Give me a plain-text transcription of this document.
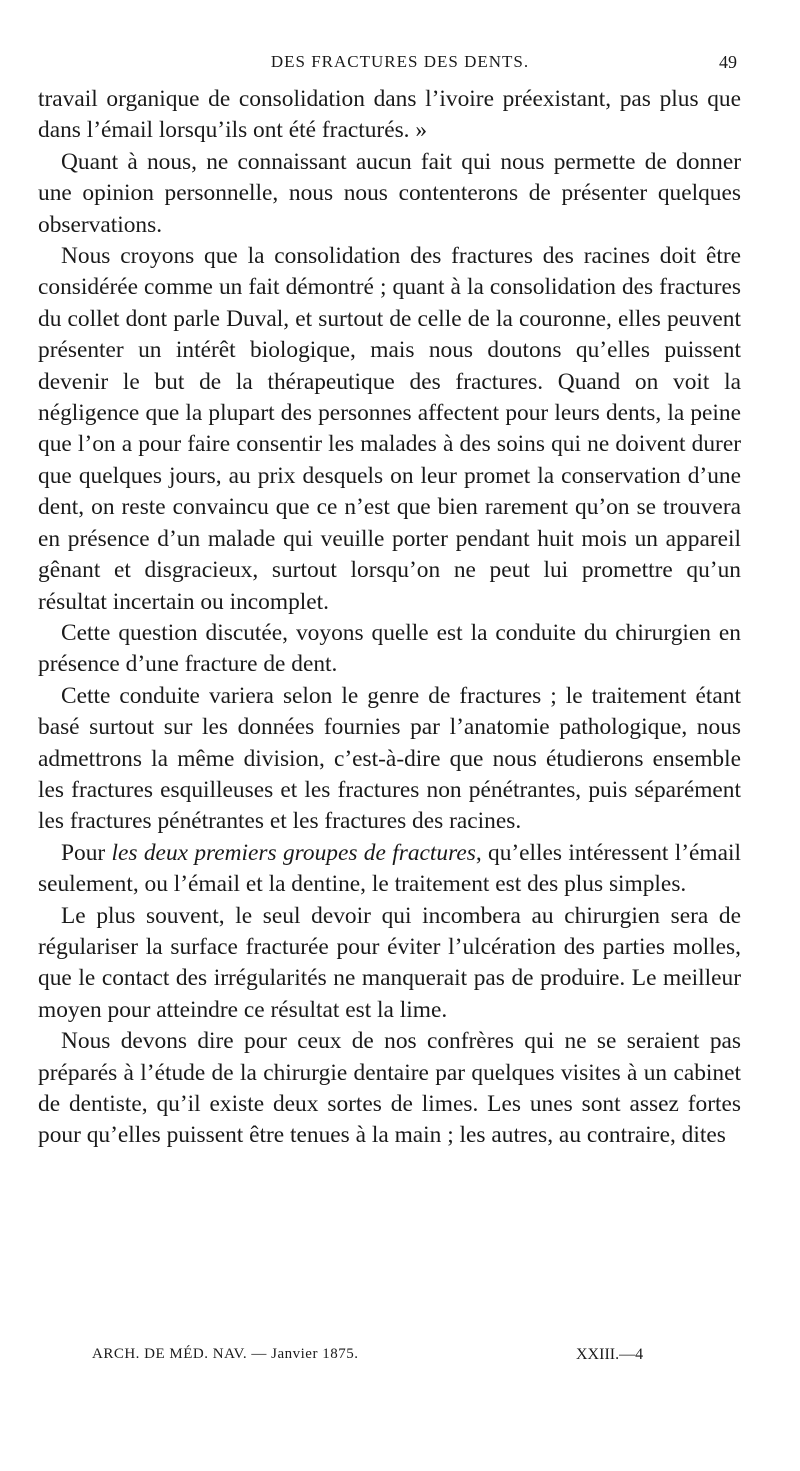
DES FRACTURES DES DENTS.	49

travail organique de consolidation dans l’ivoire préexistant, pas plus que dans l’émail lorsqu’ils ont été fracturés. »

Quant à nous, ne connaissant aucun fait qui nous permette de donner une opinion personnelle, nous nous contenterons de présenter quelques observations.

Nous croyons que la consolidation des fractures des racines doit être considérée comme un fait démontré ; quant à la consolidation des fractures du collet dont parle Duval, et surtout de celle de la couronne, elles peuvent présenter un intérêt biologique, mais nous doutons qu’elles puissent devenir le but de la thérapeutique des fractures. Quand on voit la négligence que la plupart des personnes affectent pour leurs dents, la peine que l’on a pour faire consentir les malades à des soins qui ne doivent durer que quelques jours, au prix desquels on leur promet la conservation d’une dent, on reste convaincu que ce n’est que bien rarement qu’on se trouvera en présence d’un malade qui veuille porter pendant huit mois un appareil gênant et disgracieux, surtout lorsqu’on ne peut lui promettre qu’un résultat incertain ou incomplet.

Cette question discutée, voyons quelle est la conduite du chirurgien en présence d’une fracture de dent.

Cette conduite variera selon le genre de fractures ; le traitement étant basé surtout sur les données fournies par l’anatomie pathologique, nous admettrons la même division, c’est-à-dire que nous étudierons ensemble les fractures esquilleuses et les fractures non pénétrantes, puis séparément les fractures pénétrantes et les fractures des racines.

Pour les deux premiers groupes de fractures, qu’elles intéressent l’émail seulement, ou l’émail et la dentine, le traitement est des plus simples.

Le plus souvent, le seul devoir qui incombera au chirurgien sera de régulariser la surface fracturée pour éviter l’ulcération des parties molles, que le contact des irrégularités ne manquerait pas de produire. Le meilleur moyen pour atteindre ce résultat est la lime.

Nous devons dire pour ceux de nos confrères qui ne se seraient pas préparés à l’étude de la chirurgie dentaire par quelques visites à un cabinet de dentiste, qu’il existe deux sortes de limes. Les unes sont assez fortes pour qu’elles puissent être tenues à la main ; les autres, au contraire, dites

ARCH. DE MÉD. NAV. — Janvier 1875.	XXIII.—4
